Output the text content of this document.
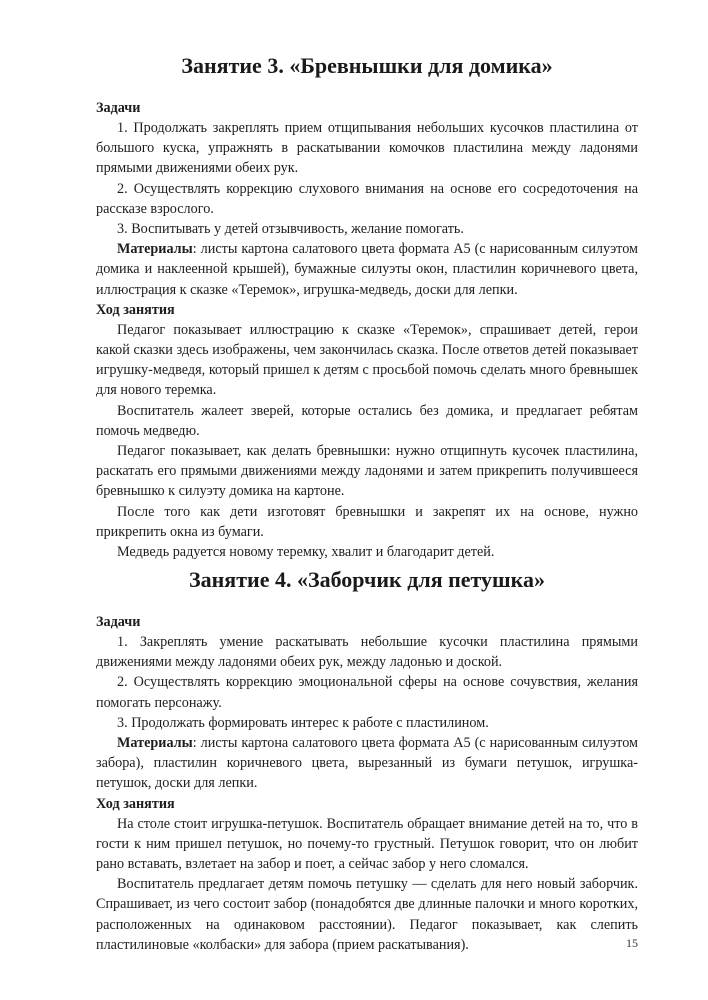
Занятие 3. «Бревнышки для домика»
Задачи

1. Продолжать закреплять прием отщипывания небольших кусочков пластилина от большого куска, упражнять в раскатывании комочков пластилина между ладонями прямыми движениями обеих рук.

2. Осуществлять коррекцию слухового внимания на основе его сосредоточения на рассказе взрослого.

3. Воспитывать у детей отзывчивость, желание помогать.

Материалы: листы картона салатового цвета формата А5 (с нарисованным силуэтом домика и наклеенной крышей), бумажные силуэты окон, пластилин коричневого цвета, иллюстрация к сказке «Теремок», игрушка-медведь, доски для лепки.

Ход занятия

Педагог показывает иллюстрацию к сказке «Теремок», спрашивает детей, герои какой сказки здесь изображены, чем закончилась сказка. После ответов детей показывает игрушку-медведя, который пришел к детям с просьбой помочь сделать много бревнышек для нового теремка.

Воспитатель жалеет зверей, которые остались без домика, и предлагает ребятам помочь медведю.

Педагог показывает, как делать бревнышки: нужно отщипнуть кусочек пластилина, раскатать его прямыми движениями между ладонями и затем прикрепить получившееся бревнышко к силуэту домика на картоне.

После того как дети изготовят бревнышки и закрепят их на основе, нужно прикрепить окна из бумаги.

Медведь радуется новому теремку, хвалит и благодарит детей.

Занятие 4. «Заборчик для петушка»
Задачи

1. Закреплять умение раскатывать небольшие кусочки пластилина прямыми движениями между ладонями обеих рук, между ладонью и доской.

2. Осуществлять коррекцию эмоциональной сферы на основе сочувствия, желания помогать персонажу.

3. Продолжать формировать интерес к работе с пластилином.

Материалы: листы картона салатового цвета формата А5 (с нарисованным силуэтом забора), пластилин коричневого цвета, вырезанный из бумаги петушок, игрушка-петушок, доски для лепки.

Ход занятия

На столе стоит игрушка-петушок. Воспитатель обращает внимание детей на то, что в гости к ним пришел петушок, но почему-то грустный. Петушок говорит, что он любит рано вставать, взлетает на забор и поет, а сейчас забор у него сломался.

Воспитатель предлагает детям помочь петушку — сделать для него новый заборчик. Спрашивает, из чего состоит забор (понадобятся две длинные палочки и много коротких, расположенных на одинаковом расстоянии). Педагог показывает, как слепить пластилиновые «колбаски» для забора (прием раскатывания).	15
